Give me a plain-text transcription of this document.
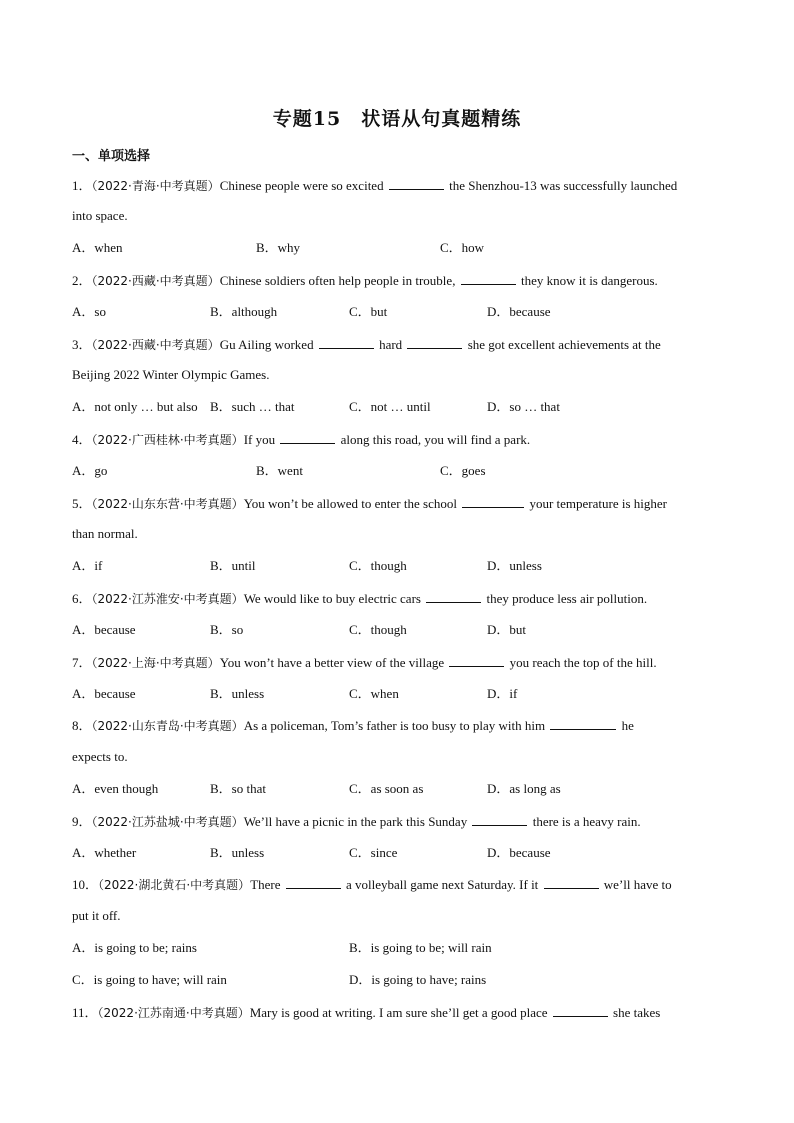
专题15　状语从句真题精练
一、单项选择
1．（2022·青海·中考真题）Chinese people were so excited	the Shenzhou-13 was successfully launched
into space.
A．when	B．why	C．how
2．（2022·西藏·中考真题）Chinese soldiers often help people in trouble,	they know it is dangerous.
A．so	B．although	C．but	D．because
3．（2022·西藏·中考真题）Gu Ailing worked	hard	she got excellent achievements at the
Beijing 2022 Winter Olympic Games.
A．not only … but also B．such … that	C．not … until	D．so … that
4．（2022·广西桂林·中考真题）If you	along this road, you will find a park.
A．go	B．went	C．goes
5．（2022·山东东营·中考真题）You won’t be allowed to enter the school	your temperature is higher
than normal.
A．if	B．until	C．though	D．unless
6．（2022·江苏淮安·中考真题）We would like to buy electric cars	they produce less air pollution.
A．because	B．so	C．though	D．but
7．（2022·上海·中考真题）You won’t have a better view of the village	you reach the top of the hill.
A．because	B．unless	C．when	D．if
8．（2022·山东青岛·中考真题）As a policeman, Tom’s father is too busy to play with him	he
expects to.
A．even though	B．so that	C．as soon as	D．as long as
9．（2022·江苏盐城·中考真题）We’ll have a picnic in the park this Sunday	there is a heavy rain.
A．whether	B．unless	C．since	D．because
10．（2022·湖北黄石·中考真题）There	a volleyball game next Saturday. If it	we’ll have to
put it off.
A．is going to be; rains	B．is going to be; will rain
C．is going to have; will rain	D．is going to have; rains
11．（2022·江苏南通·中考真题）Mary is good at writing. I am sure she’ll get a good place	she takes
